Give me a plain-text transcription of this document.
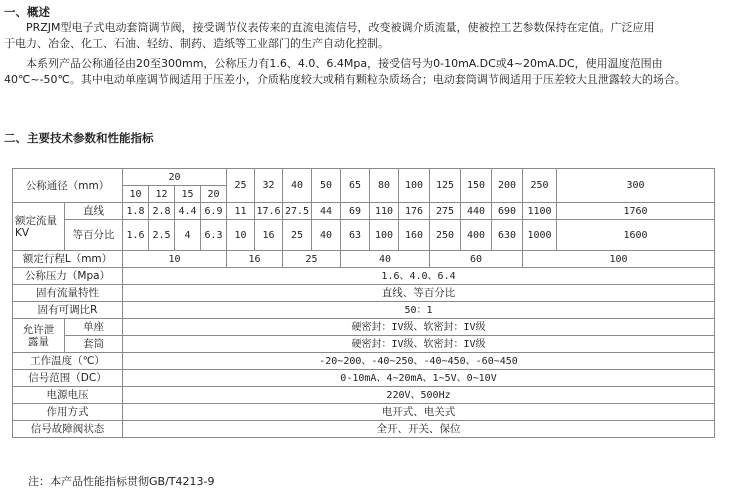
一、概述

　　PRZJM型电子式电动套筒调节阀，接受调节仪表传来的直流电流信号，改变被调介质流量，使被控工艺参数保持在定值。广泛应用

于电力、冶金、化工、石油、轻纺、制药、造纸等工业部门的生产自动化控制。

　　本系列产品公称通径由20至300mm，公称压力有1.6、4.0、6.4Mpa，接受信号为0-10mA.DC或4~20mA.DC，使用温度范围由

40℃~-50℃。其中电动单座调节阀适用于压差小，介质粘度较大或稍有颗粒杂质场合；电动套筒调节阀适用于压差较大且泄露较大的场合。

二、主要技术参数和性能指标
公称通径（mm）		20				25	32	40	50	65	80	100	125	150	200	250	300
		10	12	15	20												
额定流量KV	直线	1.8	2.8	4.4	6.9	11	17.6	27.5	44	69	110	176	275	440	690	1100	1760
	等百分比	1.6	2.5	4	6.3	10	16	25	40	63	100	160	250	400	630	1000	1600
额定行程L（mm）		10				16		25		40			60			100	
公称压力（Mpa）		1.6、4.0、6.4															
固有流量特性		直线、等百分比															
固有可调比R		50：1															
允许泄露量	单座	硬密封：IV级、软密封：IV级															
	套筒	硬密封：IV级、软密封：IV级															
工作温度（℃）		-20~200、-40~250、-40~450、-60~450															
信号范围（DC）		0-10mA、4~20mA、1~5V、0~10V															
电源电压		220V、500Hz															
作用方式		电开式、电关式															
信号故障阀状态		全开、开关、保位															
注：本产品性能指标贯彻GB/T4213-9
